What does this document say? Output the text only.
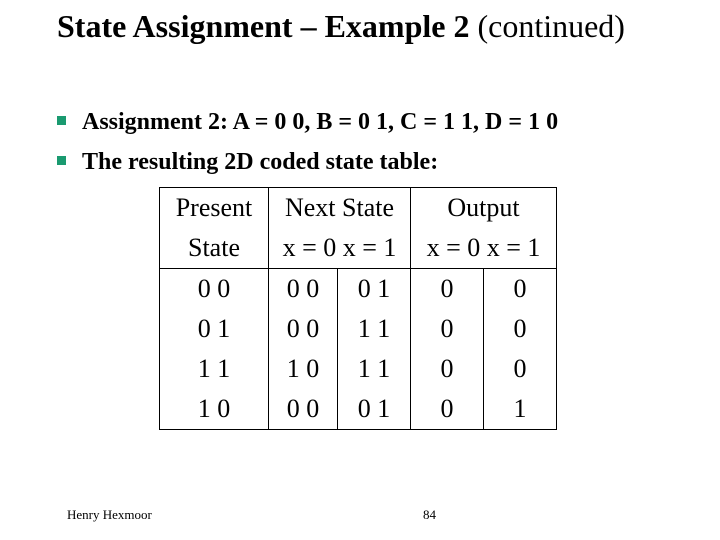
State Assignment – Example 2 (continued)
Assignment 2: A = 0 0, B = 0 1, C = 1 1, D = 1 0
The resulting 2D coded state table:
Present	Next State		Output	
State	x = 0 x = 1		x = 0 x = 1	
0 0	0 0	0 1	0	0
0 1	0 0	1 1	0	0
1 1	1 0	1 1	0	0
1 0	0 0	0 1	0	1
Henry Hexmoor	84
